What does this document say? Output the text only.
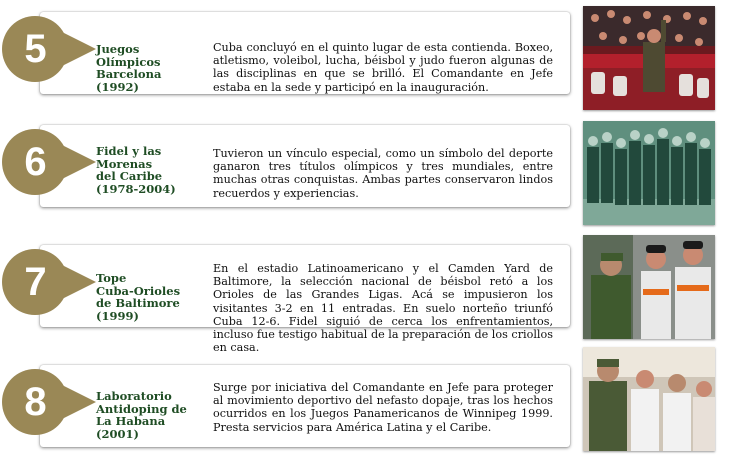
5	Juegos
Olímpicos
Barcelona
(1992)
Cuba concluyó en el quinto lugar de esta contienda. Boxeo, atletismo, voleibol, lucha, béisbol y judo fueron algunas de las disciplinas en que se brilló. El Comandante en Jefe estaba en la sede y participó en la inauguración.
6	Fidel y las
Morenas
del Caribe
(1978-2004)
Tuvieron un vínculo especial, como un símbolo del deporte ganaron tres títulos olímpicos y tres mundiales, entre muchas otras conquistas. Ambas partes conservaron lindos recuerdos y experiencias.
7	Tope
Cuba-Orioles
de Baltimore
(1999)
En el estadio Latinoamericano y el Camden Yard de Baltimore, la selección nacional de béisbol retó a los Orioles de las Grandes Ligas. Acá se impusieron los visitantes 3-2 en 11 entradas. En suelo norteño triunfó Cuba 12-6. Fidel siguió de cerca los enfrentamientos, incluso fue testigo habitual de la preparación de los criollos en casa.
8	Laboratorio
Antidoping de
La Habana
(2001)
Surge por iniciativa del Comandante en Jefe para proteger al movimiento deportivo del nefasto dopaje, tras los hechos ocurridos en los Juegos Panamericanos de Winnipeg 1999. Presta servicios para América Latina y el Caribe.
